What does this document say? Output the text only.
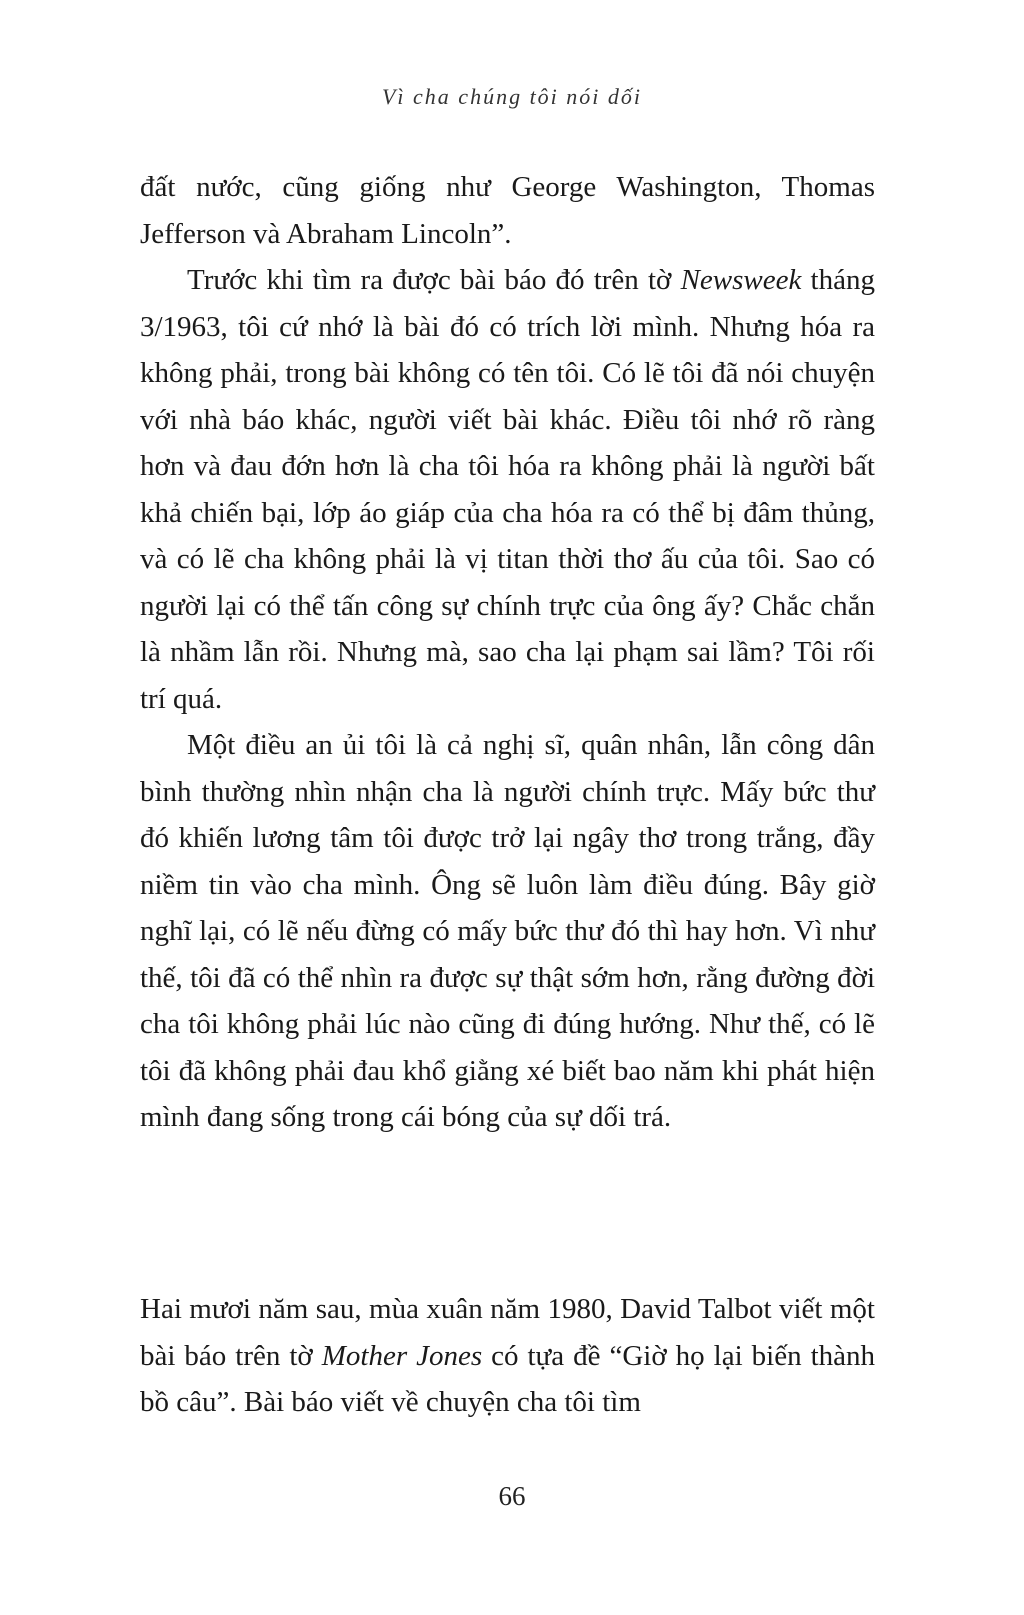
Vì cha chúng tôi nói dối

đất nước, cũng giống như George Washington, Thomas Jefferson và Abraham Lincoln”.

Trước khi tìm ra được bài báo đó trên tờ Newsweek tháng 3/1963, tôi cứ nhớ là bài đó có trích lời mình. Nhưng hóa ra không phải, trong bài không có tên tôi. Có lẽ tôi đã nói chuyện với nhà báo khác, người viết bài khác. Điều tôi nhớ rõ ràng hơn và đau đớn hơn là cha tôi hóa ra không phải là người bất khả chiến bại, lớp áo giáp của cha hóa ra có thể bị đâm thủng, và có lẽ cha không phải là vị titan thời thơ ấu của tôi. Sao có người lại có thể tấn công sự chính trực của ông ấy? Chắc chắn là nhầm lẫn rồi. Nhưng mà, sao cha lại phạm sai lầm? Tôi rối trí quá.

Một điều an ủi tôi là cả nghị sĩ, quân nhân, lẫn công dân bình thường nhìn nhận cha là người chính trực. Mấy bức thư đó khiến lương tâm tôi được trở lại ngây thơ trong trắng, đầy niềm tin vào cha mình. Ông sẽ luôn làm điều đúng. Bây giờ nghĩ lại, có lẽ nếu đừng có mấy bức thư đó thì hay hơn. Vì như thế, tôi đã có thể nhìn ra được sự thật sớm hơn, rằng đường đời cha tôi không phải lúc nào cũng đi đúng hướng. Như thế, có lẽ tôi đã không phải đau khổ giằng xé biết bao năm khi phát hiện mình đang sống trong cái bóng của sự dối trá.

Hai mươi năm sau, mùa xuân năm 1980, David Talbot viết một bài báo trên tờ Mother Jones có tựa đề “Giờ họ lại biến thành bồ câu”. Bài báo viết về chuyện cha tôi tìm

66
